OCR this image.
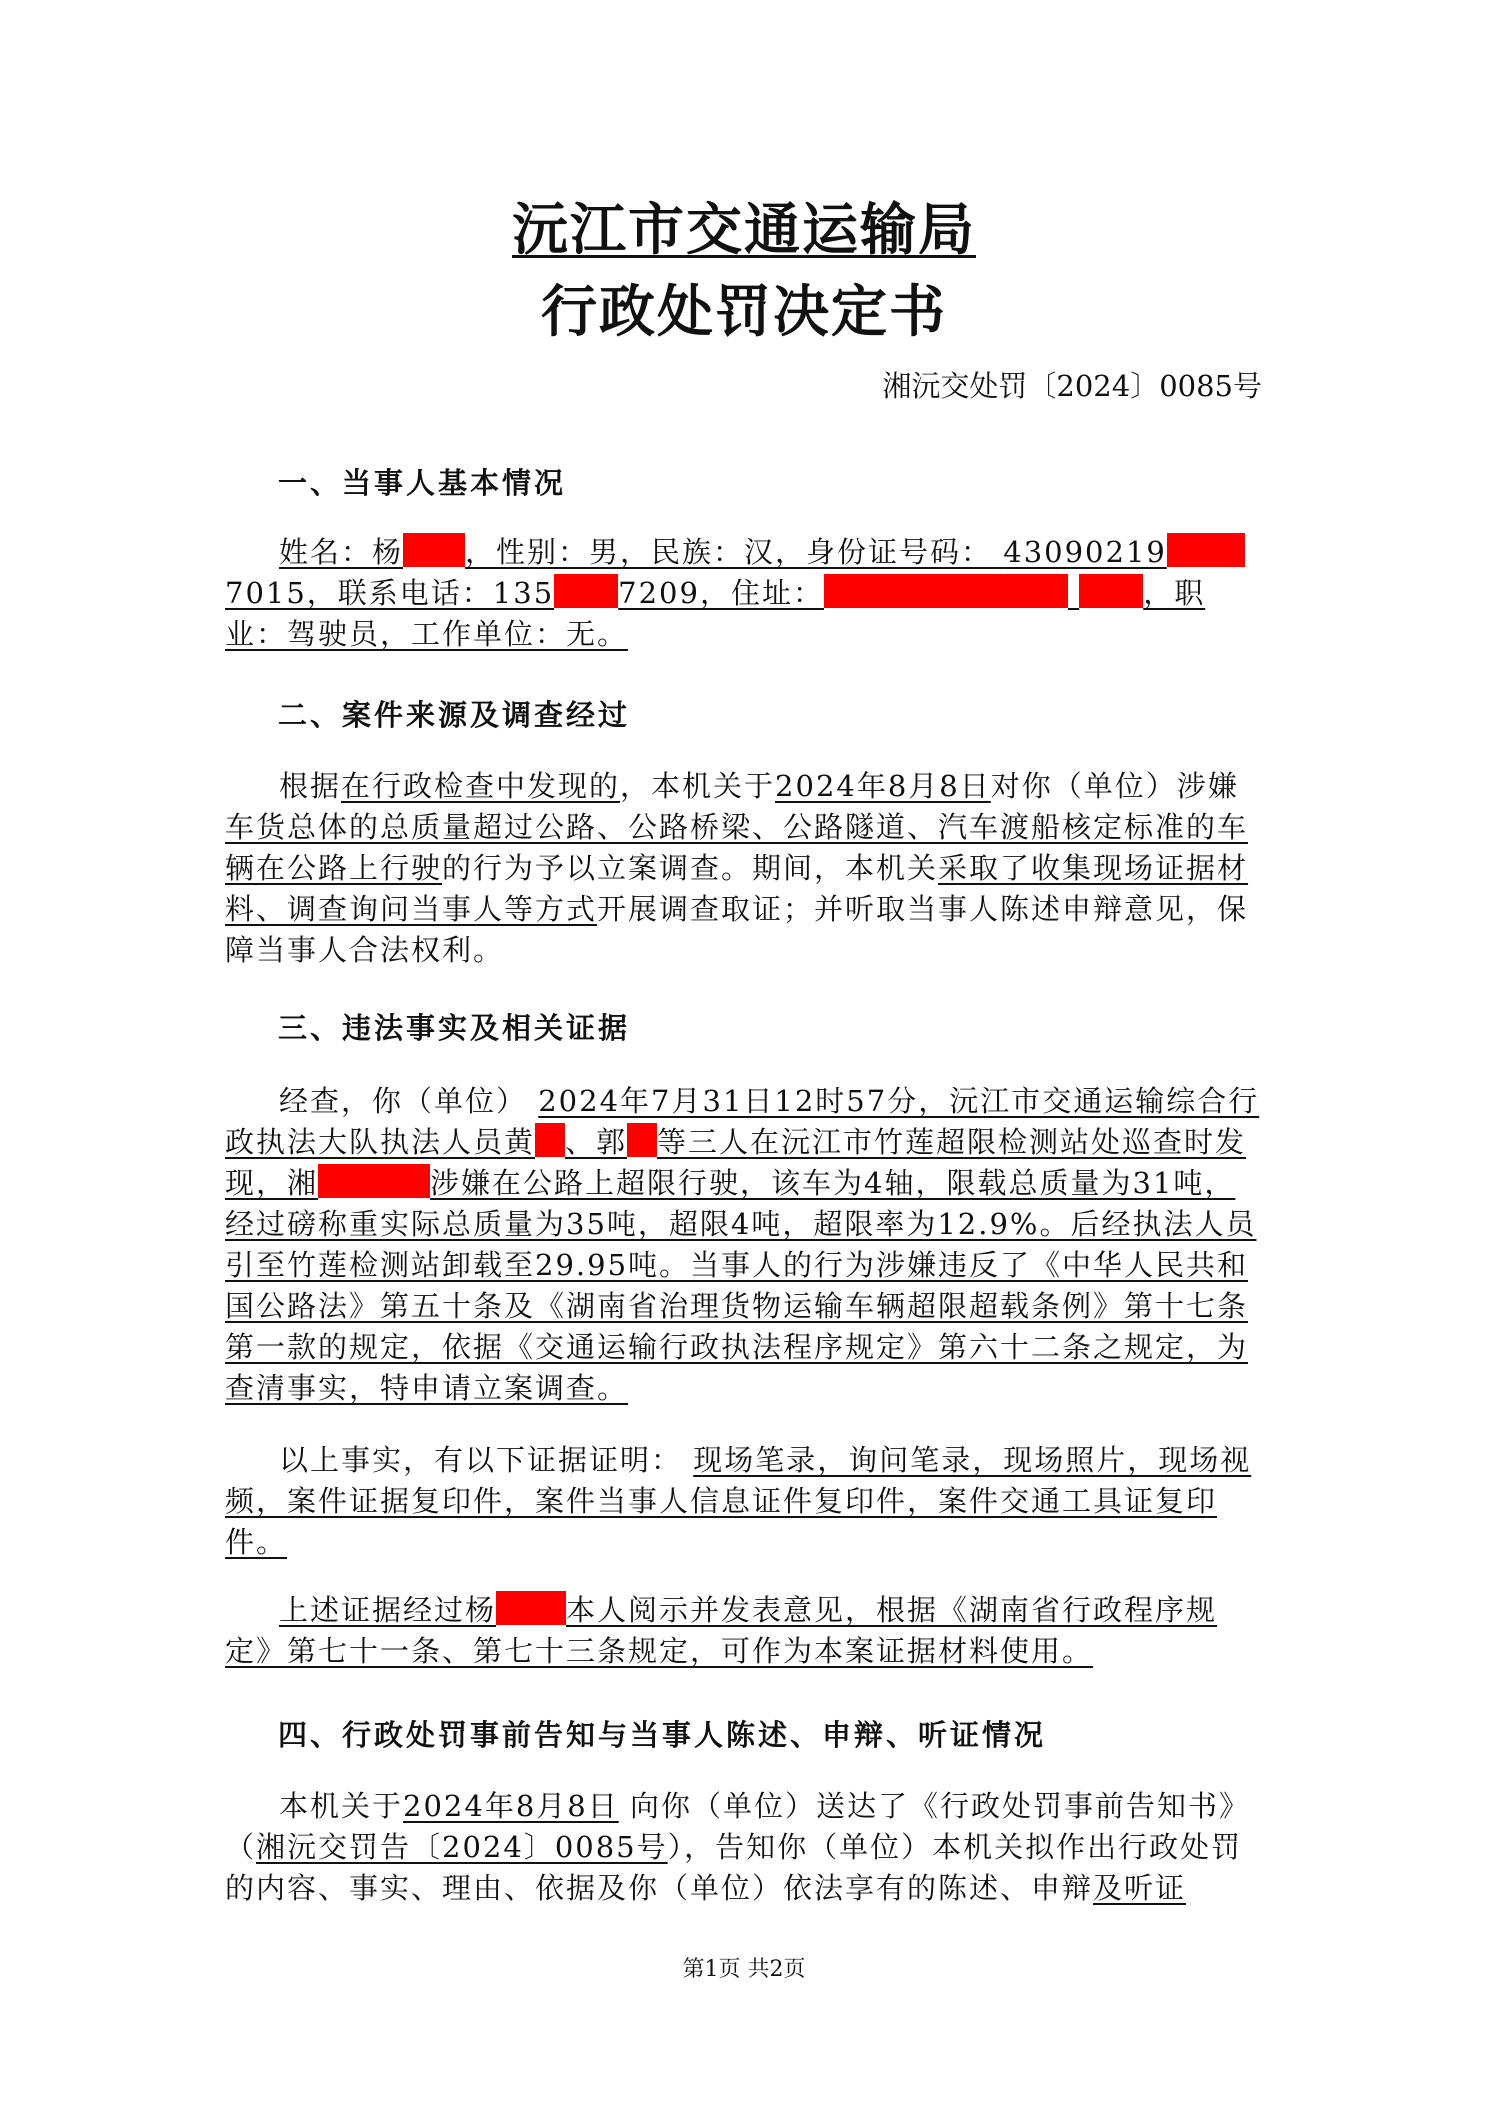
沅江市交通运输局
行政处罚决定书
湘沅交处罚〔2024〕0085号
一、当事人基本情况
姓名：杨 ，性别：男，民族：汉，身份证号码： 430902197015，联系电话：135 7209，住址：	，职业：驾驶员，工作单位：无。
二、案件来源及调查经过
根据在行政检查中发现的，本机关于2024年8月8日对你（单位）涉嫌车货总体的总质量超过公路、公路桥梁、公路隧道、汽车渡船核定标准的车辆在公路上行驶的行为予以立案调查。期间，本机关采取了收集现场证据材料、调查询问当事人等方式开展调查取证；并听取当事人陈述申辩意见，保障当事人合法权利。
三、违法事实及相关证据
经查，你（单位） 2024年7月31日12时57分，沅江市交通运输综合行政执法大队执法人员黄 、郭 等三人在沅江市竹莲超限检测站处巡查时发现，湘	涉嫌在公路上超限行驶，该车为4轴，限载总质量为31吨，经过磅称重实际总质量为35吨，超限4吨，超限率为12.9%。后经执法人员引至竹莲检测站卸载至29.95吨。当事人的行为涉嫌违反了《中华人民共和国公路法》第五十条及《湖南省治理货物运输车辆超限超载条例》第十七条第一款的规定，依据《交通运输行政执法程序规定》第六十二条之规定，为查清事实，特申请立案调查。
以上事实，有以下证据证明： 现场笔录，询问笔录，现场照片，现场视频，案件证据复印件，案件当事人信息证件复印件，案件交通工具证复印件。
上述证据经过杨 本人阅示并发表意见，根据《湖南省行政程序规定》第七十一条、第七十三条规定，可作为本案证据材料使用。
四、行政处罚事前告知与当事人陈述、申辩、听证情况
本机关于2024年8月8日 向你（单位）送达了《行政处罚事前告知书》（湘沅交罚告〔2024〕0085号），告知你（单位）本机关拟作出行政处罚的内容、事实、理由、依据及你（单位）依法享有的陈述、申辩及听证
第1页 共2页
